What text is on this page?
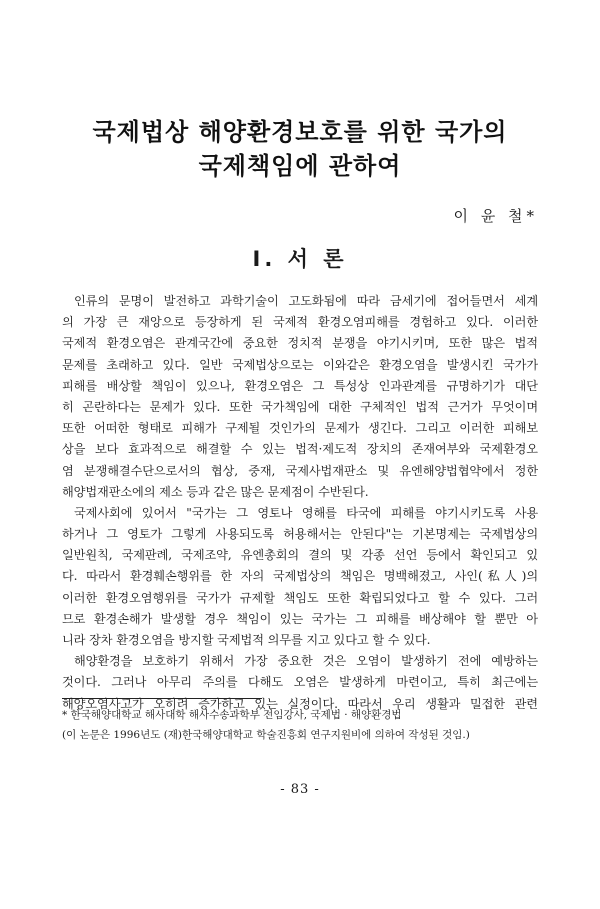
국제법상 해양환경보호를 위한 국가의
국제책임에 관하여
이 윤 철*
Ⅰ. 서 론
인류의 문명이 발전하고 과학기술이 고도화됨에 따라 금세기에 접어들면서 세계
의 가장 큰 재앙으로 등장하게 된 국제적 환경오염피해를 경험하고 있다. 이러한
국제적 환경오염은 관계국간에 중요한 정치적 분쟁을 야기시키며, 또한 많은 법적
문제를 초래하고 있다. 일반 국제법상으로는 이와같은 환경오염을 발생시킨 국가가
피해를 배상할 책임이 있으나, 환경오염은 그 특성상 인과관계를 규명하기가 대단
히 곤란하다는 문제가 있다. 또한 국가책임에 대한 구체적인 법적 근거가 무엇이며
또한 어떠한 형태로 피해가 구제될 것인가의 문제가 생긴다. 그리고 이러한 피해보
상을 보다 효과적으로 해결할 수 있는 법적·제도적 장치의 존재여부와 국제환경오
염 분쟁해결수단으로서의 협상, 중재, 국제사법재판소 및 유엔해양법협약에서 정한
해양법재판소에의 제소 등과 같은 많은 문제점이 수반된다.
국제사회에 있어서 "국가는 그 영토나 영해를 타국에 피해를 야기시키도록 사용
하거나 그 영토가 그렇게 사용되도록 허용해서는 안된다"는 기본명제는 국제법상의
일반원칙, 국제판례, 국제조약, 유엔총회의 결의 및 각종 선언 등에서 확인되고 있
다. 따라서 환경훼손행위를 한 자의 국제법상의 책임은 명백해졌고, 사인(私人)의
이러한 환경오염행위를 국가가 규제할 책임도 또한 확립되었다고 할 수 있다. 그러
므로 환경손해가 발생할 경우 책임이 있는 국가는 그 피해를 배상해야 할 뿐만 아
니라 장차 환경오염을 방지할 국제법적 의무를 지고 있다고 할 수 있다.
해양환경을 보호하기 위해서 가장 중요한 것은 오염이 발생하기 전에 예방하는
것이다. 그러나 아무리 주의를 다해도 오염은 발생하게 마련이고, 특히 최근에는
해양오염사고가 오히려 증가하고 있는 실정이다. 따라서 우리 생활과 밀접한 관련
* 한국해양대학교 해사대학 해사수송과학부 전임강사, 국제법 · 해양환경법
(이 논문은 1996년도 (재)한국해양대학교 학술진흥회 연구지원비에 의하여 작성된 것임.)
- 83 -
